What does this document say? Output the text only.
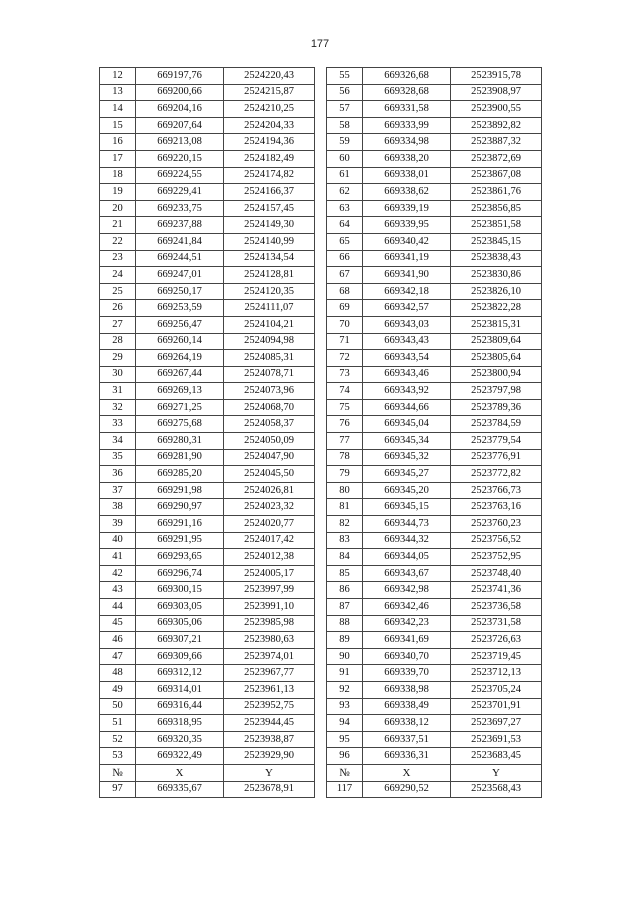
177
12	669197,76	2524220,43		55	669326,68	2523915,78
13	669200,66	2524215,87		56	669328,68	2523908,97
14	669204,16	2524210,25		57	669331,58	2523900,55
15	669207,64	2524204,33		58	669333,99	2523892,82
16	669213,08	2524194,36		59	669334,98	2523887,32
17	669220,15	2524182,49		60	669338,20	2523872,69
18	669224,55	2524174,82		61	669338,01	2523867,08
19	669229,41	2524166,37		62	669338,62	2523861,76
20	669233,75	2524157,45		63	669339,19	2523856,85
21	669237,88	2524149,30		64	669339,95	2523851,58
22	669241,84	2524140,99		65	669340,42	2523845,15
23	669244,51	2524134,54		66	669341,19	2523838,43
24	669247,01	2524128,81		67	669341,90	2523830,86
25	669250,17	2524120,35		68	669342,18	2523826,10
26	669253,59	2524111,07		69	669342,57	2523822,28
27	669256,47	2524104,21		70	669343,03	2523815,31
28	669260,14	2524094,98		71	669343,43	2523809,64
29	669264,19	2524085,31		72	669343,54	2523805,64
30	669267,44	2524078,71		73	669343,46	2523800,94
31	669269,13	2524073,96		74	669343,92	2523797,98
32	669271,25	2524068,70		75	669344,66	2523789,36
33	669275,68	2524058,37		76	669345,04	2523784,59
34	669280,31	2524050,09		77	669345,34	2523779,54
35	669281,90	2524047,90		78	669345,32	2523776,91
36	669285,20	2524045,50		79	669345,27	2523772,82
37	669291,98	2524026,81		80	669345,20	2523766,73
38	669290,97	2524023,32		81	669345,15	2523763,16
39	669291,16	2524020,77		82	669344,73	2523760,23
40	669291,95	2524017,42		83	669344,32	2523756,52
41	669293,65	2524012,38		84	669344,05	2523752,95
42	669296,74	2524005,17		85	669343,67	2523748,40
43	669300,15	2523997,99		86	669342,98	2523741,36
44	669303,05	2523991,10		87	669342,46	2523736,58
45	669305,06	2523985,98		88	669342,23	2523731,58
46	669307,21	2523980,63		89	669341,69	2523726,63
47	669309,66	2523974,01		90	669340,70	2523719,45
48	669312,12	2523967,77		91	669339,70	2523712,13
49	669314,01	2523961,13		92	669338,98	2523705,24
50	669316,44	2523952,75		93	669338,49	2523701,91
51	669318,95	2523944,45		94	669338,12	2523697,27
52	669320,35	2523938,87		95	669337,51	2523691,53
53	669322,49	2523929,90		96	669336,31	2523683,45
№	X	Y		№	X	Y
97	669335,67	2523678,91		117	669290,52	2523568,43
